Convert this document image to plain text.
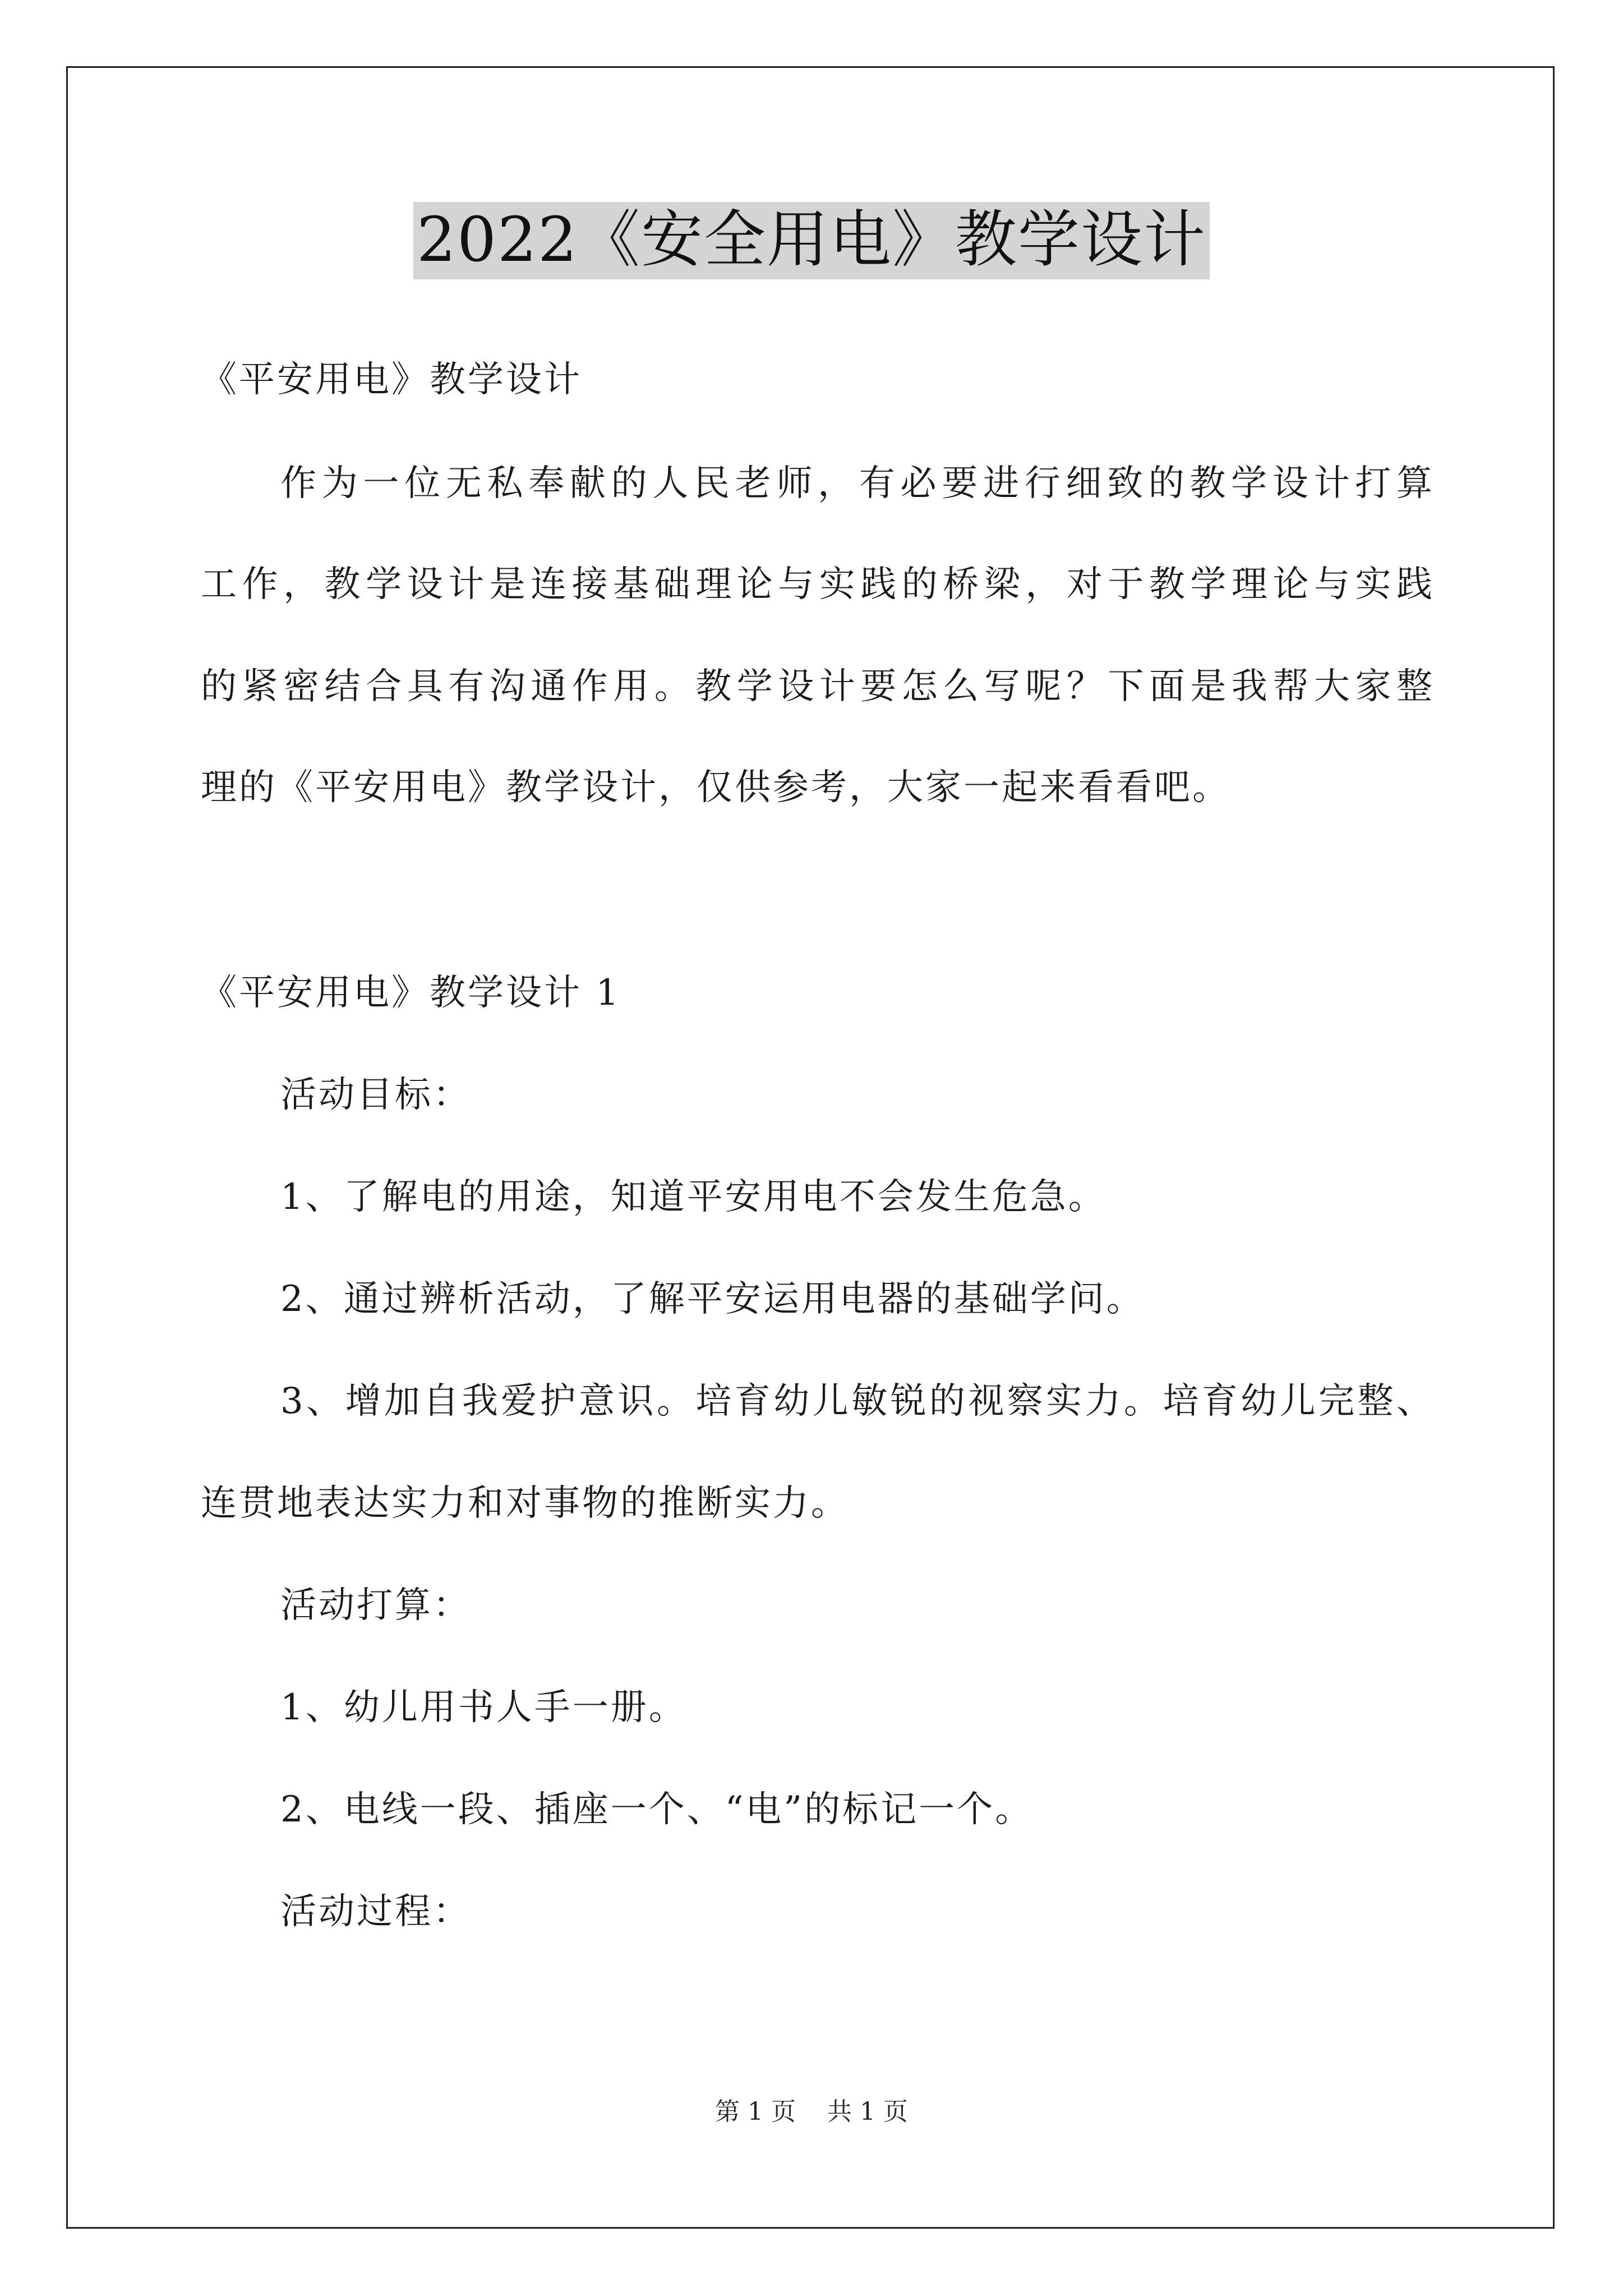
2022《安全用电》教学设计
《平安用电》教学设计
作为一位无私奉献的人民老师，有必要进行细致的教学设计打算
工作，教学设计是连接基础理论与实践的桥梁，对于教学理论与实践
的紧密结合具有沟通作用。教学设计要怎么写呢？下面是我帮大家整
理的《平安用电》教学设计，仅供参考，大家一起来看看吧。
《平安用电》教学设计 1
活动目标：
1、了解电的用途，知道平安用电不会发生危急。
2、通过辨析活动，了解平安运用电器的基础学问。
3、增加自我爱护意识。培育幼儿敏锐的视察实力。培育幼儿完整、
连贯地表达实力和对事物的推断实力。
活动打算：
1、幼儿用书人手一册。
2、电线一段、插座一个、“电”的标记一个。
活动过程：
第 1 页    共 1 页
